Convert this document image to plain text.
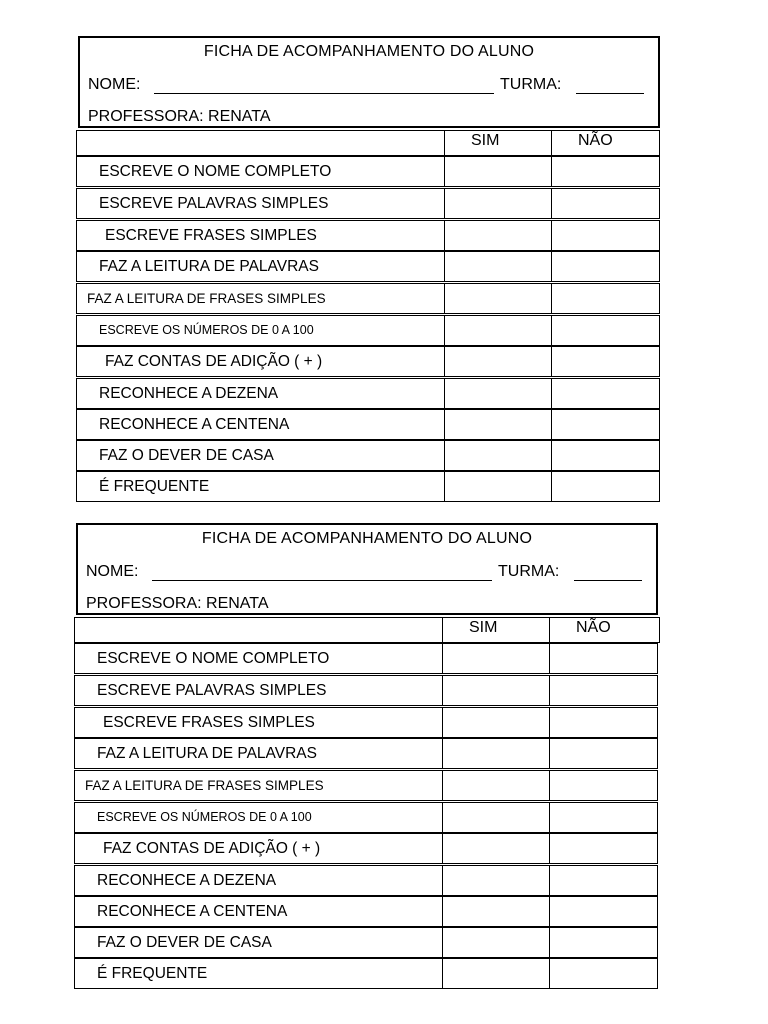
FICHA DE ACOMPANHAMENTO DO ALUNO
NOME:	TURMA:
PROFESSORA: RENATA
SIM	NÃO
ESCREVE O NOME COMPLETO
ESCREVE PALAVRAS SIMPLES
ESCREVE FRASES SIMPLES
FAZ A LEITURA DE PALAVRAS
FAZ A LEITURA DE FRASES SIMPLES
ESCREVE OS NÚMEROS DE 0 A 100
FAZ CONTAS DE ADIÇÃO ( + )
RECONHECE A DEZENA
RECONHECE A CENTENA
FAZ O DEVER DE CASA
É FREQUENTE
FICHA DE ACOMPANHAMENTO DO ALUNO
NOME:	TURMA:
PROFESSORA: RENATA
SIM	NÃO
ESCREVE O NOME COMPLETO
ESCREVE PALAVRAS SIMPLES
ESCREVE FRASES SIMPLES
FAZ A LEITURA DE PALAVRAS
FAZ A LEITURA DE FRASES SIMPLES
ESCREVE OS NÚMEROS DE 0 A 100
FAZ CONTAS DE ADIÇÃO ( + )
RECONHECE A DEZENA
RECONHECE A CENTENA
FAZ O DEVER DE CASA
É FREQUENTE
